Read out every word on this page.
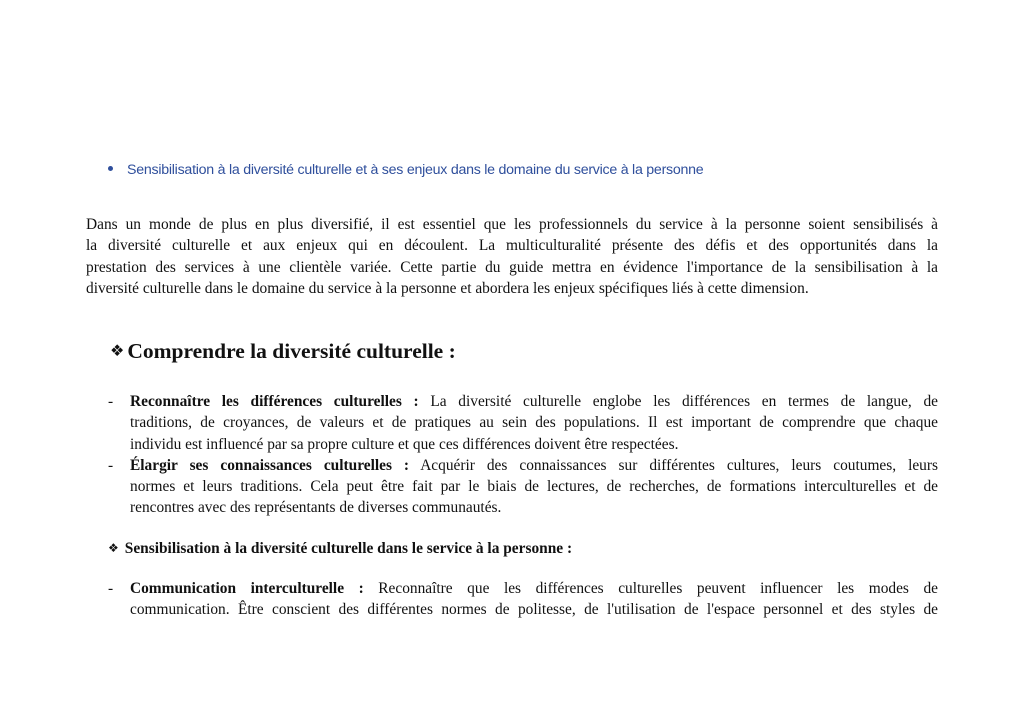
Sensibilisation à la diversité culturelle et à ses enjeux dans le domaine du service à la personne
Dans un monde de plus en plus diversifié, il est essentiel que les professionnels du service à la personne soient sensibilisés à
la diversité culturelle et aux enjeux qui en découlent. La multiculturalité présente des défis et des opportunités dans la
prestation des services à une clientèle variée. Cette partie du guide mettra en évidence l'importance de la sensibilisation à la
diversité culturelle dans le domaine du service à la personne et abordera les enjeux spécifiques liés à cette dimension.
❖ Comprendre la diversité culturelle :
- Reconnaître les différences culturelles : La diversité culturelle englobe les différences en termes de langue, de
traditions, de croyances, de valeurs et de pratiques au sein des populations. Il est important de comprendre que chaque
individu est influencé par sa propre culture et que ces différences doivent être respectées.
- Élargir ses connaissances culturelles : Acquérir des connaissances sur différentes cultures, leurs coutumes, leurs
normes et leurs traditions. Cela peut être fait par le biais de lectures, de recherches, de formations interculturelles et de
rencontres avec des représentants de diverses communautés.
❖ Sensibilisation à la diversité culturelle dans le service à la personne :
- Communication interculturelle : Reconnaître que les différences culturelles peuvent influencer les modes de
communication. Être conscient des différentes normes de politesse, de l'utilisation de l'espace personnel et des styles de
